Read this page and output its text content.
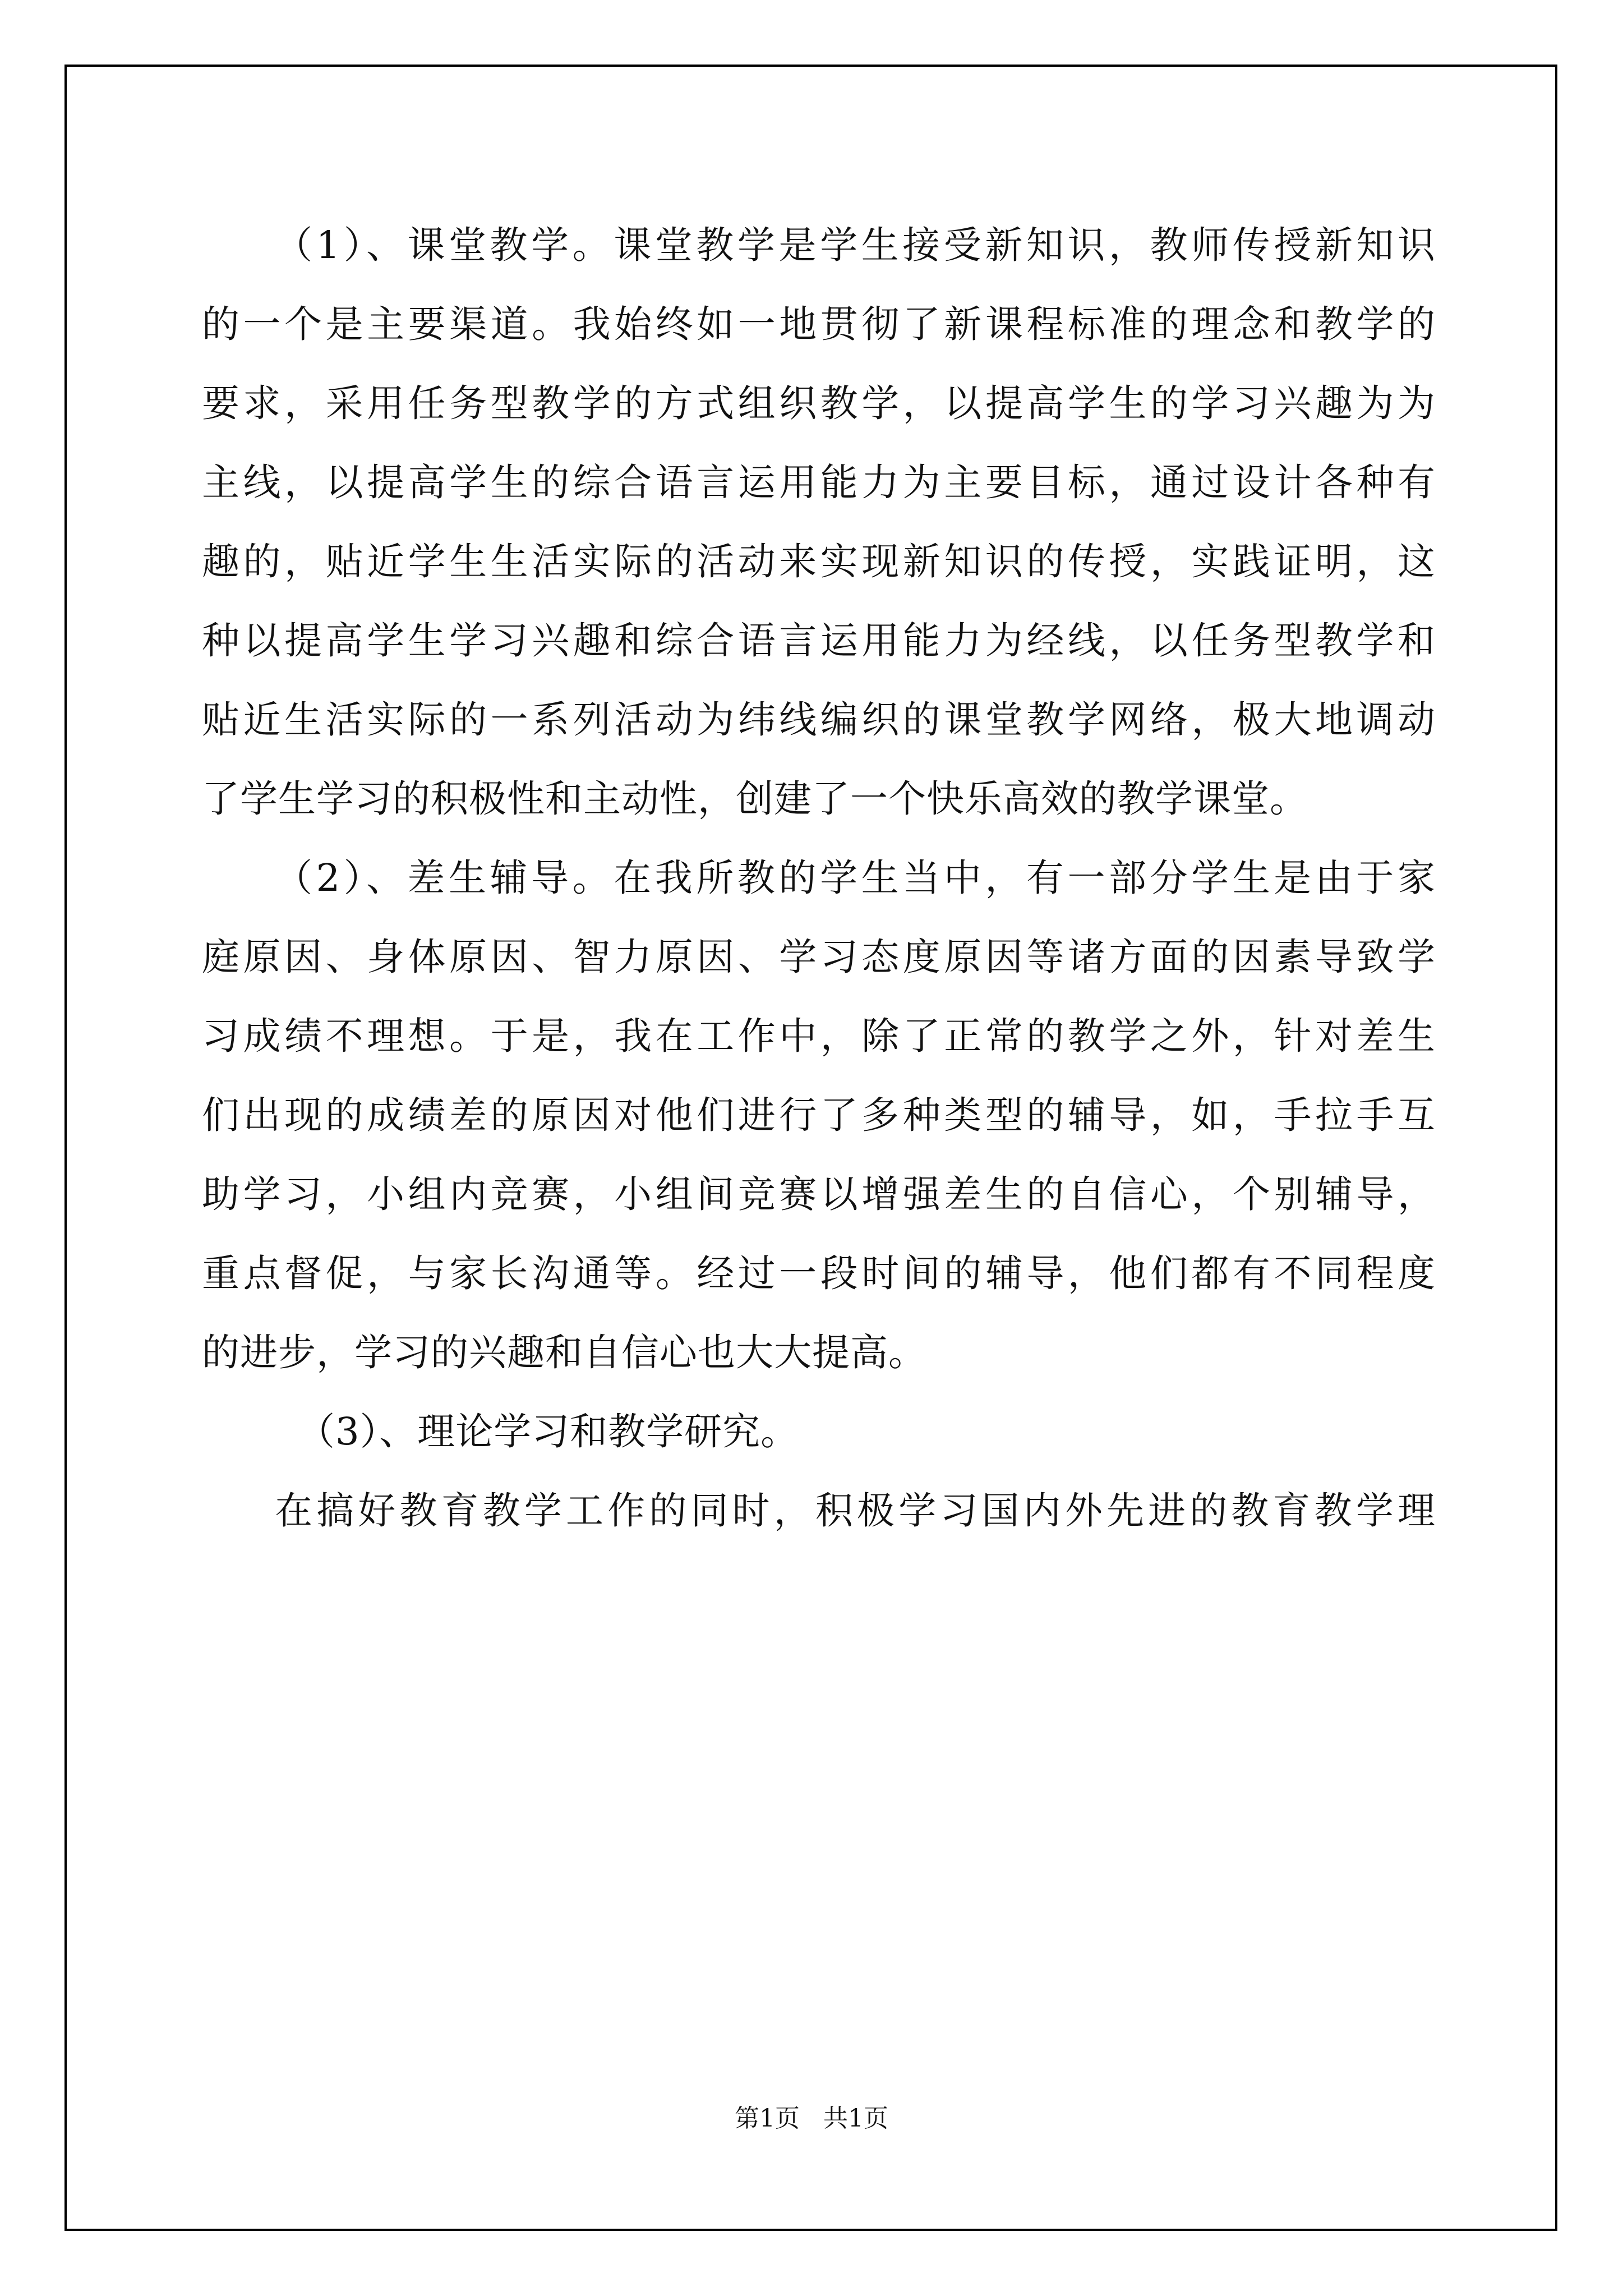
（1）、课堂教学。课堂教学是学生接受新知识，教师传授新知识
的一个是主要渠道。我始终如一地贯彻了新课程标准的理念和教学的
要求，采用任务型教学的方式组织教学，以提高学生的学习兴趣为为
主线，以提高学生的综合语言运用能力为主要目标，通过设计各种有
趣的，贴近学生生活实际的活动来实现新知识的传授，实践证明，这
种以提高学生学习兴趣和综合语言运用能力为经线，以任务型教学和
贴近生活实际的一系列活动为纬线编织的课堂教学网络，极大地调动
了学生学习的积极性和主动性，创建了一个快乐高效的教学课堂。
（2）、差生辅导。在我所教的学生当中，有一部分学生是由于家
庭原因、身体原因、智力原因、学习态度原因等诸方面的因素导致学
习成绩不理想。于是，我在工作中，除了正常的教学之外，针对差生
们出现的成绩差的原因对他们进行了多种类型的辅导，如，手拉手互
助学习，小组内竞赛，小组间竞赛以增强差生的自信心，个别辅导，
重点督促，与家长沟通等。经过一段时间的辅导，他们都有不同程度
的进步，学习的兴趣和自信心也大大提高。
（3）、理论学习和教学研究。
在搞好教育教学工作的同时，积极学习国内外先进的教育教学理
第1页   共1页
